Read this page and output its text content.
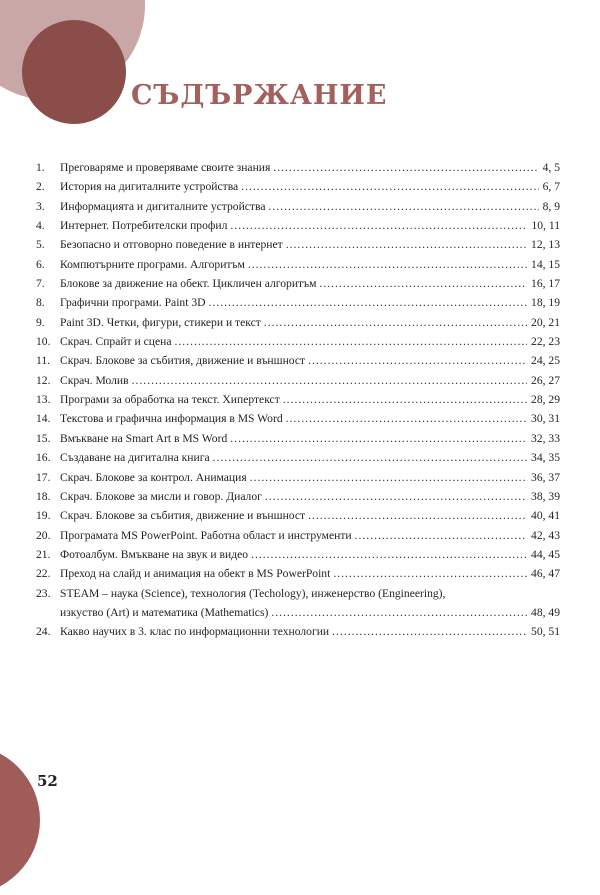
СЪДЪРЖАНИЕ
1.	Преговаряме и проверяваме своите знания .....	4, 5
2.	История на дигиталните устройства .....	6, 7
3.	Информацията и дигиталните устройства .....	8, 9
4.	Интернет. Потребителски профил .....	10, 11
5.	Безопасно и отговорно поведение в интернет .....	12, 13
6.	Компютърните програми. Алгоритъм .....	14, 15
7.	Блокове за движение на обект. Цикличен алгоритъм .....	16, 17
8.	Графични програми. Paint 3D .....	18, 19
9.	Paint 3D. Четки, фигури, стикери и текст .....	20, 21
10. Скрач. Спрайт и сцена .....	22, 23
11. Скрач. Блокове за събития, движение и външност .....	24, 25
12. Скрач. Молив .....	26, 27
13. Програми за обработка на текст. Хипертекст .....	28, 29
14. Текстова и графична информация в MS Word .....	30, 31
15. Вмъкване на Smart Art в MS Word .....	32, 33
16. Създаване на дигитална книга .....	34, 35
17. Скрач. Блокове за контрол. Анимация .....	36, 37
18. Скрач. Блокове за мисли и говор. Диалог .....	38, 39
19. Скрач. Блокове за събития, движение и външност .....	40, 41
20. Програмата MS PowerPoint. Работна област и инструменти .....	42, 43
21. Фотоалбум. Вмъкване на звук и видео .....	44, 45
22. Преход на слайд и анимация на обект в MS PowerPoint .....	46, 47
23. STEAM – наука (Science), технология (Techology), инженерство (Engineering),
изкуство (Art) и математика (Mathematics) .....	48, 49
24. Какво научих в 3. клас по информационни технологии .....	50, 51
52
